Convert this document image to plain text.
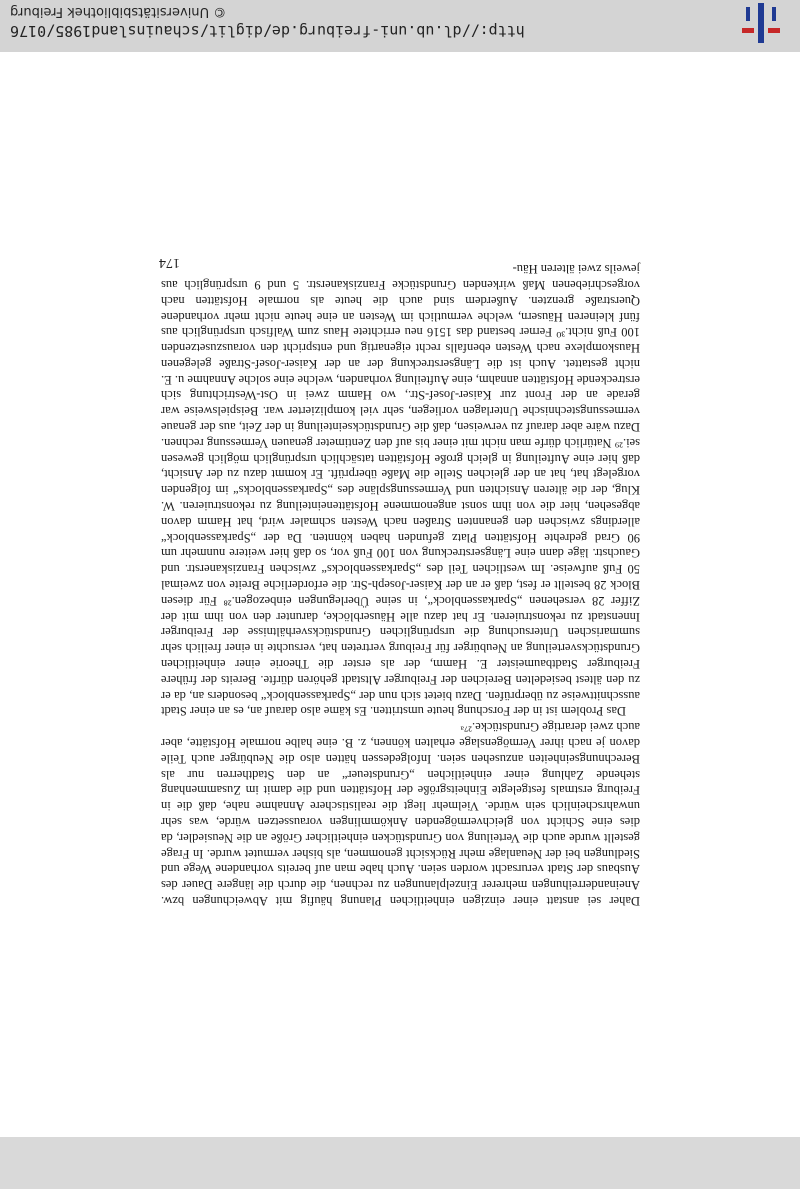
http://dl.ub.uni-freiburg.de/diglit/schauinsland1985/0176
© Universitätsbibliothek Freiburg

Daher sei anstatt einer einzigen einheitlichen Planung häufig mit Abweichungen bzw. Aneinanderreihungen mehrerer Einzelplanungen zu rechnen, die durch die längere Dauer des Ausbaus der Stadt verursacht worden seien. Auch habe man auf bereits vorhandene Wege und Siedlungen bei der Neuanlage mehr Rücksicht genommen, als bisher vermutet wurde. In Frage gestellt wurde auch die Verteilung von Grundstücken einheitlicher Größe an die Neusiedler, da dies eine Schicht von gleichvermögenden Ankömmlingen voraussetzen würde, was sehr unwahrscheinlich sein würde. Vielmehr liegt die realistischere Annahme nahe, daß die in Freiburg erstmals festgelegte Einheitsgröße der Hofstätten und die damit im Zusammenhang stehende Zahlung einer einheitlichen „Grundsteuer“ an den Stadtherren nur als Berechnungseinheiten anzusehen seien. Infolgedessen hätten also die Neubürger auch Teile davon je nach ihrer Vermögenslage erhalten können, z. B. eine halbe normale Hofstätte, aber auch zwei derartige Grundstücke.²⁷ᵃ

Das Problem ist in der Forschung heute umstritten. Es käme also darauf an, es an einer Stadt ausschnittweise zu überprüfen. Dazu bietet sich nun der „Sparkassenblock“ besonders an, da er zu den ältest besiedelten Bereichen der Freiburger Altstadt gehören dürfte. Bereits der frühere Freiburger Stadtbaumeister E. Hamm, der als erster die Theorie einer einheitlichen Grundstücksverteilung an Neubürger für Freiburg vertreten hat, versuchte in einer freilich sehr summarischen Untersuchung die ursprünglichen Grundstücksverhältnisse der Freiburger Innenstadt zu rekonstruieren. Er hat dazu alle Häuserblöcke, darunter den von ihm mit der Ziffer 28 versehenen „Sparkassenblock“, in seine Überlegungen einbezogen.²⁸ Für diesen Block 28 bestellt er fest, daß er an der Kaiser-Joseph-Str. die erforderliche Breite von zweimal 50 Fuß aufweise. Im westlichen Teil des „Sparkassenblocks“ zwischen Franziskanerstr. und Gauchstr. läge dann eine Längserstreckung von 100 Fuß vor, so daß hier weitere nunmehr um 90 Grad gedrehte Hofstätten Platz gefunden haben könnten. Da der „Sparkassenblock“ allerdings zwischen den genannten Straßen nach Westen schmaler wird, hat Hamm davon abgesehen, hier die von ihm sonst angenommene Hofstätteneinteilung zu rekonstruieren. W. Klug, der die älteren Ansichten und Vermessungspläne des „Sparkassenblocks“ im folgenden vorgelegt hat, hat an der gleichen Stelle die Maße überprüft. Er kommt dazu zu der Ansicht, daß hier eine Aufteilung in gleich große Hofstätten tatsächlich ursprünglich möglich gewesen sei.²⁹ Natürlich dürfe man nicht mit einer bis auf den Zentimeter genauen Vermessung rechnen. Dazu wäre aber darauf zu verweisen, daß die Grundstückseinteilung in der Zeit, aus der genaue vermessungstechnische Unterlagen vorliegen, sehr viel komplizierter war. Beispielsweise war gerade an der Front zur Kaiser-Josef-Str., wo Hamm zwei in Ost-Westrichtung sich erstreckende Hofstätten annahm, eine Aufteilung vorhanden, welche eine solche Annahme u. E. nicht gestattet. Auch ist die Längserstreckung der an der Kaiser-Josef-Straße gelegenen Hauskomplexe nach Westen ebenfalls recht eigenartig und entspricht den vorauszusetzenden 100 Fuß nicht.³⁰ Ferner bestand das 1516 neu errichtete Haus zum Walfisch ursprünglich aus fünf kleineren Häusern, welche vermutlich im Westen an eine heute nicht mehr vorhandene Querstraße grenzten. Außerdem sind auch die heute als normale Hofstätten nach vorgeschriebenen Maß wirkenden Grundstücke Franziskanerstr. 5 und 9 ursprünglich aus jeweils zwei älteren Häu-

174
